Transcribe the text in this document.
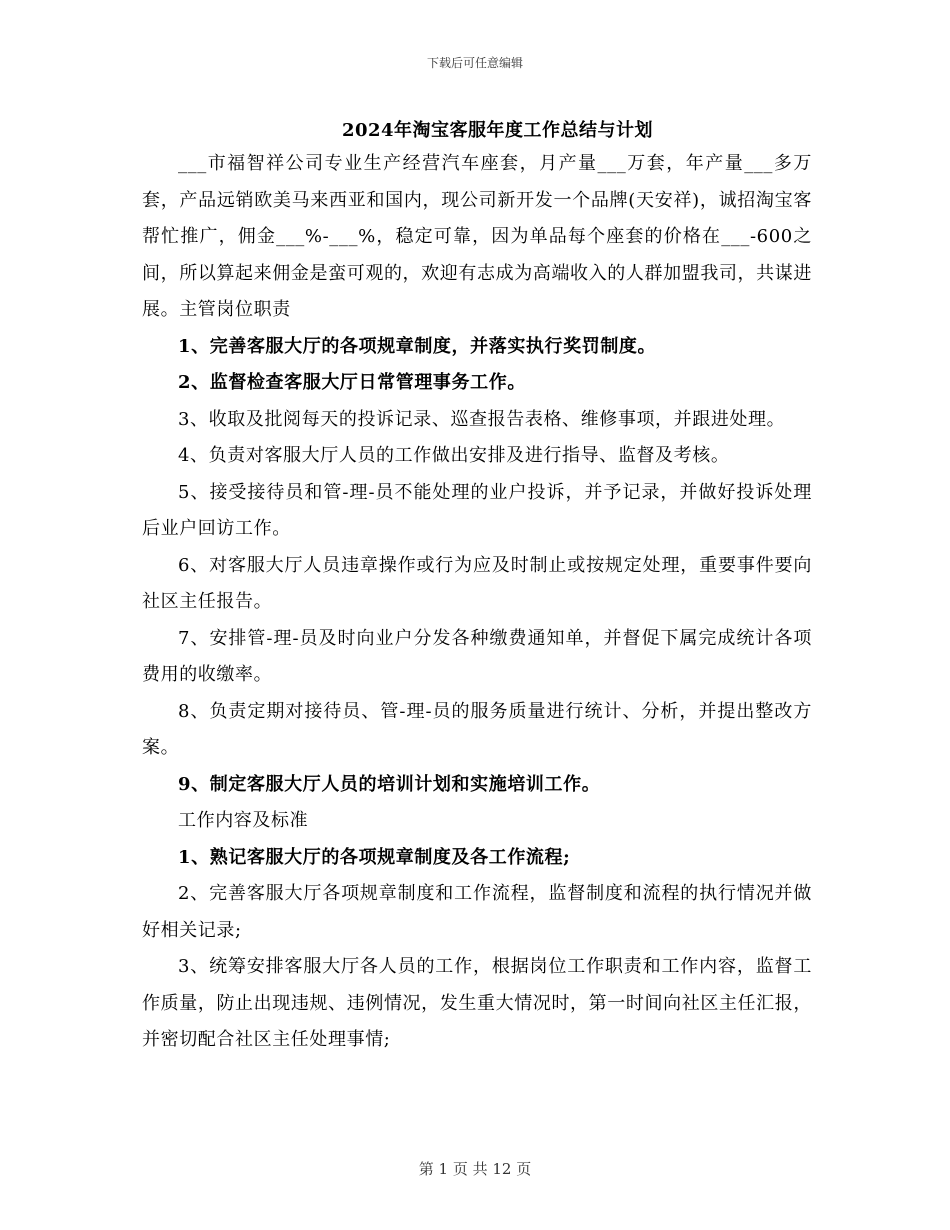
下载后可任意编辑
2024年淘宝客服年度工作总结与计划

___市福智祥公司专业生产经营汽车座套，月产量___万套，年产量___多万套，产品远销欧美马来西亚和国内，现公司新开发一个品牌(天安祥)，诚招淘宝客帮忙推广，佣金___%-___%，稳定可靠，因为单品每个座套的价格在___-600之间，所以算起来佣金是蛮可观的，欢迎有志成为高端收入的人群加盟我司，共谋进展。主管岗位职责

1、完善客服大厅的各项规章制度，并落实执行奖罚制度。

2、监督检查客服大厅日常管理事务工作。

3、收取及批阅每天的投诉记录、巡查报告表格、维修事项，并跟进处理。

4、负责对客服大厅人员的工作做出安排及进行指导、监督及考核。

5、接受接待员和管-理-员不能处理的业户投诉，并予记录，并做好投诉处理后业户回访工作。

6、对客服大厅人员违章操作或行为应及时制止或按规定处理，重要事件要向社区主任报告。

7、安排管-理-员及时向业户分发各种缴费通知单，并督促下属完成统计各项费用的收缴率。

8、负责定期对接待员、管-理-员的服务质量进行统计、分析，并提出整改方案。

9、制定客服大厅人员的培训计划和实施培训工作。

工作内容及标准

1、熟记客服大厅的各项规章制度及各工作流程;

2、完善客服大厅各项规章制度和工作流程，监督制度和流程的执行情况并做好相关记录;

3、统筹安排客服大厅各人员的工作，根据岗位工作职责和工作内容，监督工作质量，防止出现违规、违例情况，发生重大情况时，第一时间向社区主任汇报，并密切配合社区主任处理事情;

第 1 页 共 12 页
